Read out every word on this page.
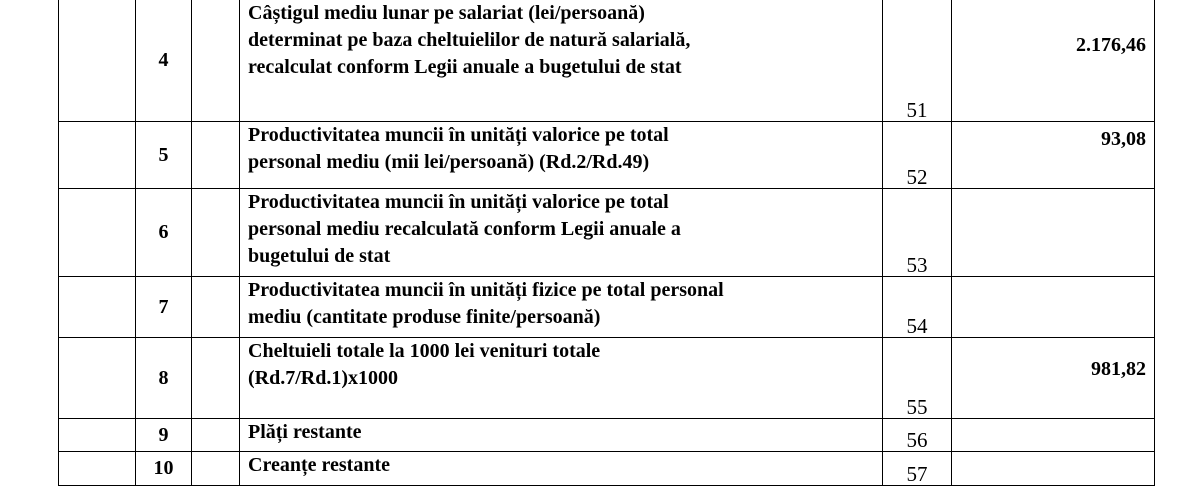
	4		Câștigul mediu lunar pe salariat (lei/persoană)
determinat pe baza cheltuielilor de natură salarială,
recalculat conform Legii anuale a bugetului de stat	51	2.176,46
	5		Productivitatea muncii în unități valorice pe total
personal mediu (mii lei/persoană) (Rd.2/Rd.49)	52	93,08
	6		Productivitatea muncii în unități valorice pe total
personal mediu recalculată conform Legii anuale a
bugetului de stat	53	
	7		Productivitatea muncii în unități fizice pe total personal
mediu (cantitate produse finite/persoană)	54	
	8		Cheltuieli totale la 1000 lei venituri totale
(Rd.7/Rd.1)x1000	55	981,82
	9		Plăți restante	56	
	10		Creanțe restante	57	
